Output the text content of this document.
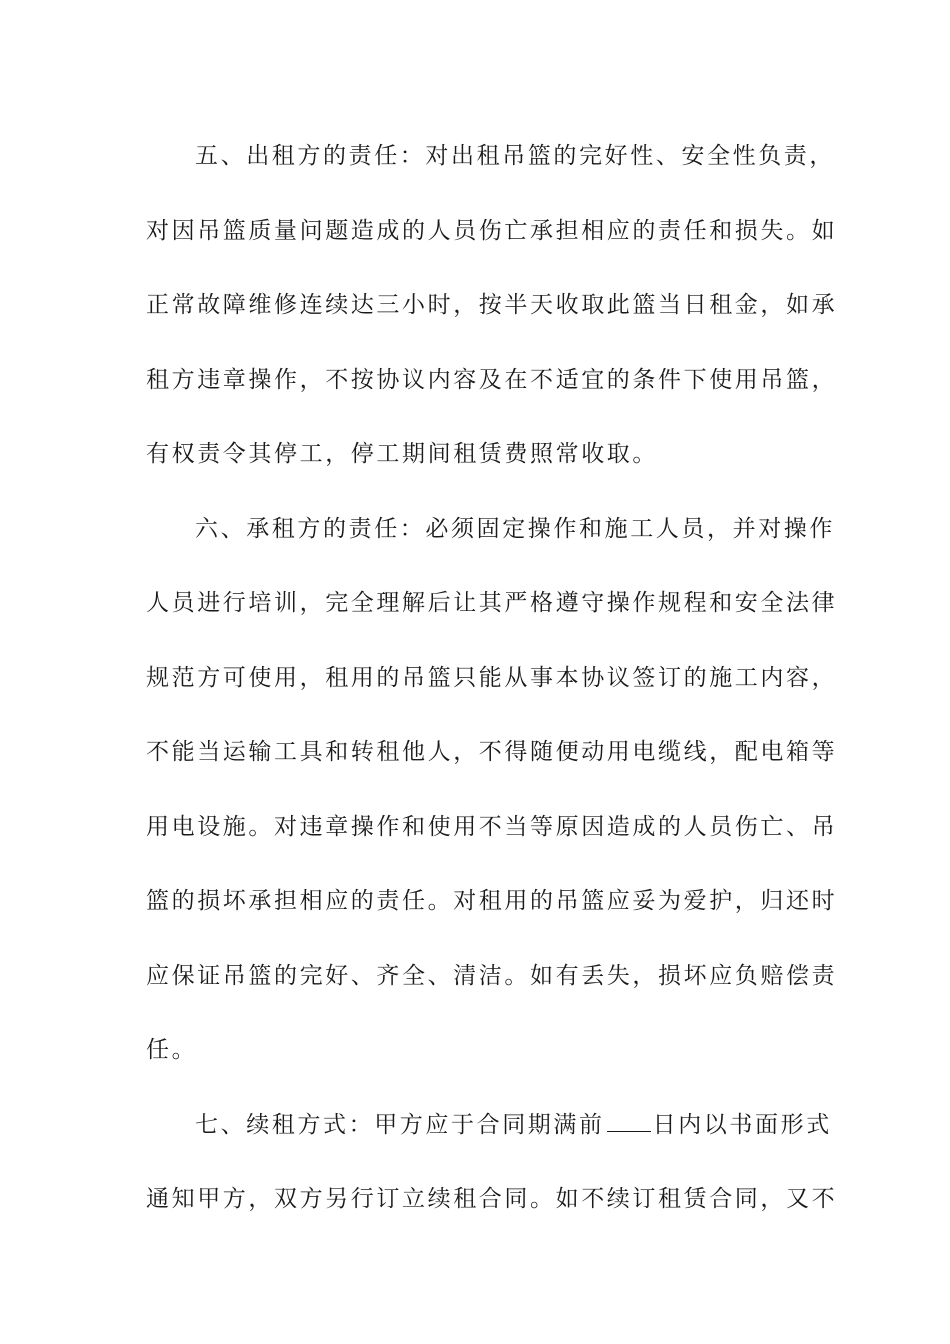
五、出租方的责任：对出租吊篮的完好性、安全性负责，
对因吊篮质量问题造成的人员伤亡承担相应的责任和损失。如
正常故障维修连续达三小时，按半天收取此篮当日租金，如承
租方违章操作，不按协议内容及在不适宜的条件下使用吊篮，
有权责令其停工，停工期间租赁费照常收取。
六、承租方的责任：必须固定操作和施工人员，并对操作
人员进行培训，完全理解后让其严格遵守操作规程和安全法律
规范方可使用，租用的吊篮只能从事本协议签订的施工内容，
不能当运输工具和转租他人，不得随便动用电缆线，配电箱等
用电设施。对违章操作和使用不当等原因造成的人员伤亡、吊
篮的损坏承担相应的责任。对租用的吊篮应妥为爱护，归还时
应保证吊篮的完好、齐全、清洁。如有丢失，损坏应负赔偿责
任。
七、续租方式：甲方应于合同期满前 日内以书面形式
通知甲方，双方另行订立续租合同。如不续订租赁合同，又不
